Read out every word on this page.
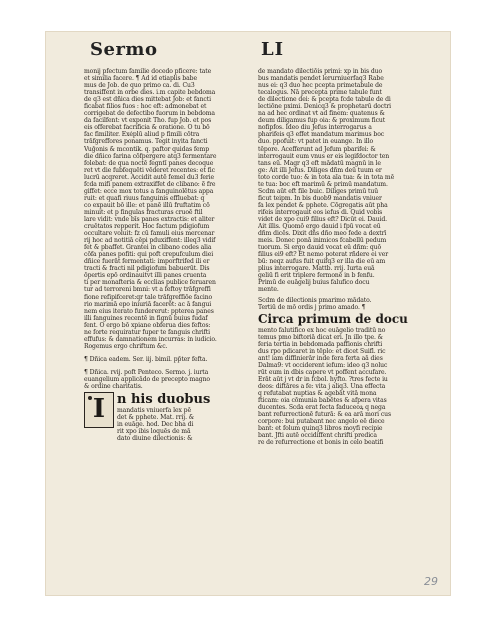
Sermo	LI
monij pfectum familie docedo pficere: tate
et similia facere. ¶ Ad id etiaplis babe
mus de Job. de quo primo ca. di. Cu3
transiffent in orbe dies. i.m capite bebdoma
de q3 est dñica dies mittebat Job: et fancti
ficabat filios fuos : hoc eft: admonebat et
corrigebat de defectibo fuorum in bebdoma
da facilfent: vt exponit Tho. fup Job. et pos
eis offerebat facrificia & oratione. O tu bō
fac fimiliter. Exéplū aliud p fimili cōtra
trāfgreffores ponamus. Tegit inyita fancti
Vuğonis & mcontik. q. paftor quidas femp
die dñico farina cōfpergere atq3 fermentare
folebat: de qua noctē fegntī panes decoque
ret vt die fubfequēti vēderet recentes: et fic
lucrū acqreret. Accidit autē femel du3 ferie
fcda mifi panem extraxiffet de clibano: ẽ fre
giffet: ecce mox totus a fanguinolētus appa
ruit: et quafi riuus fanguinis effluebat: q
co expauit bō ille: et panē illū fruftatim cō
minuit: et p fingulas fracturas cruoē ftil
lare vidit: vnde bīs panes extractis: et aliter
cruētatos repperit. Hoc factum pdigiofum
occultare voluit: fz cū famuli eius mercenar
rij hoc ad notitiā cēpi pduxiffent: illeq3 vidif
fet & pbaffet. Grantei in clibano codes alia
cōfa panes pofiti: qui poft crepufculum diei
dñice fuerāt fermentati: imporftrifed ili er
tracti & fracti nil pdigiofum babuerūt. Dis
ōpertis epō ordinauitvt illi panes cruenta
ti per monafteria & ecclias publice feruaren
tur ad terroreni bmni: vt a feftoy trāfgreffi
fione refipifceret:qr tale trāfgreffiōe facino
rio marimā epo iniuriā facerēt: ac ā fangui
nem eius iterato fundererut: ppterea panes
illi fanguines recentē in fignū buius fudaf
fent. O ergo bō xpiane obferua dies feftos:
ne forte requiratur fuper te fanguis chrifti
effufus: & damnationem incurras: in iudicio.
Rogemus ergo chriftum &c.
¶ Dñica eadem. Ser. iij. bimil. pp̄ter fefta.
¶ Dñica. rvij. poft Penteco. Sermo. j. iurta
euangelium applicādo de precepto magno
& ordine charitatis.
I n his duobus
mandatis vniuerfa lex pē
det & pphete. Mat. rrij. &
in euāge. hod. Dec bha di
rit xpo ibis loquēs de mā
dato diuine dilectionis: &
de mandato dilectiōis primi: xp in bis duo
bus mandatis pendet lerurniuerfaq3 Rabe
nus ei: q3 duo hec pcepta primetabule de
tecalogus. Nā precepta prime tabule funt
de dilectione dei: & pcepta fcde tabule de di
lectiōne pximi. Denicq3 & prophetarū doctri
na ad hec ordinat vt ad finem: quatenus &
deum diligamus fup oia: & proximum ficut
nofipfos. Ideo diu Jefus interrogarus a
pharifeis q3 effet mandatum marimus boc
duo. ppofuit: vt patet in euange. In illo
tēpore. Acefferunt ad Jefum pbarifei: &
interrogauit eum vnus er eis legifdoctor ten
tans eū. Magr q3 eft mādatū magnū in le
ge: Ait illi Jefus. Diliges dñm deū tuum er
toto corde tuo: & in tota aīa tua: & in tota mē
te tua: boc eft marimū & primū mandatum.
Scdm aūt eft file buic. Diliges primū tuū
ficut teipm. In bis duob9 mandatis vniuer
fa lex pendet & pphete. Cōgregatis aūt pha
rifeis interrogauit eos iefus di. Quid vobis
videt de xpo cui9 filius eft? Dicūt ei. Dauid.
Ait illis. Quomō ergo dauid i fpū vocat eū
dñm dicēs. Dixit dñs dño meo fede a dextrī
meis. Donec ponā inimicos fcabellū pedum
tuorum. Si ergo dauid vocat eū dñm: quō
filius ei9 eft? Et nemo poterat rñdere ei ver
bū: neqz aufus fuit quifq3 er illa die eū am
plius interrogare. Mattb. rrij. Iurta euā
geliū fi erit triplere fermonē in b fenfu.
Primū de euāgelij buius falufico docu
mente.
Scdm de dilectionis pmarimo mādato.
Tertiū de mō ordis j primo amado. ¶
Circa primum de docu
mento falutifico ex hoc euāgelio traditū no
temus pmo biftoriā dicat eri. Jn illo tpe. &
feria tertia in bebdomada paffionis chrifti
dus rpo pdicaret in tēplo: et dicet Suifl. ric
ant! iam diffinierār inde fera ferta aā dies
Dalma9: vt occiderent iefum: ideo q3 noluc
rūt eum in dbis capere vt poffent accufare.
Erāt aūt j vt dr in fcbol. hyfto. ?tres fecte iu
deos: diftāres a fe: vita j aliq3. Una effecta
q refutabat nuptias & agebāt vitā mona
fticam: oia cōmunia babētes & afpera vitas
ducentes. Scda erat fecta faduceoꝝ q nega
bant refurrectionē futurā: & ea arā mori cus
corpore: bui putabant nec angelo eē diece
bant: et folum quinq3 libros moyfi recipie
bant. Jfti autē occidiffent chrifti predica
re de refurrectione et bonis in celo beatifi
29
